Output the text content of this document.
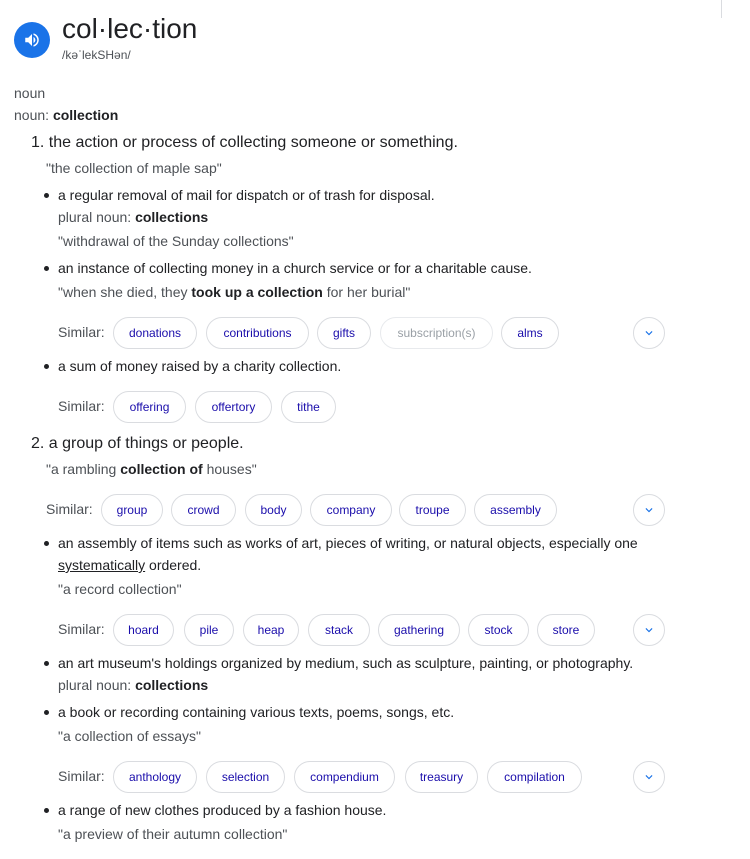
col·lec·tion
/kəˈlekSHən/
noun
noun: collection
1. the action or process of collecting someone or something.
"the collection of maple sap"
a regular removal of mail for dispatch or of trash for disposal.
plural noun: collections
"withdrawal of the Sunday collections"
an instance of collecting money in a church service or for a charitable cause.
"when she died, they took up a collection for her burial"
Similar:	donations	contributions	gifts	subscription(s)	alms
a sum of money raised by a charity collection.
Similar:	offering	offertory	tithe
2. a group of things or people.
"a rambling collection of houses"
Similar:	group	crowd	body	company	troupe	assembly
an assembly of items such as works of art, pieces of writing, or natural objects, especially one
systematically ordered.
"a record collection"
Similar:	hoard	pile	heap	stack	gathering	stock	store
an art museum's holdings organized by medium, such as sculpture, painting, or photography.
plural noun: collections
a book or recording containing various texts, poems, songs, etc.
"a collection of essays"
Similar:	anthology	selection	compendium	treasury	compilation
a range of new clothes produced by a fashion house.
"a preview of their autumn collection"
